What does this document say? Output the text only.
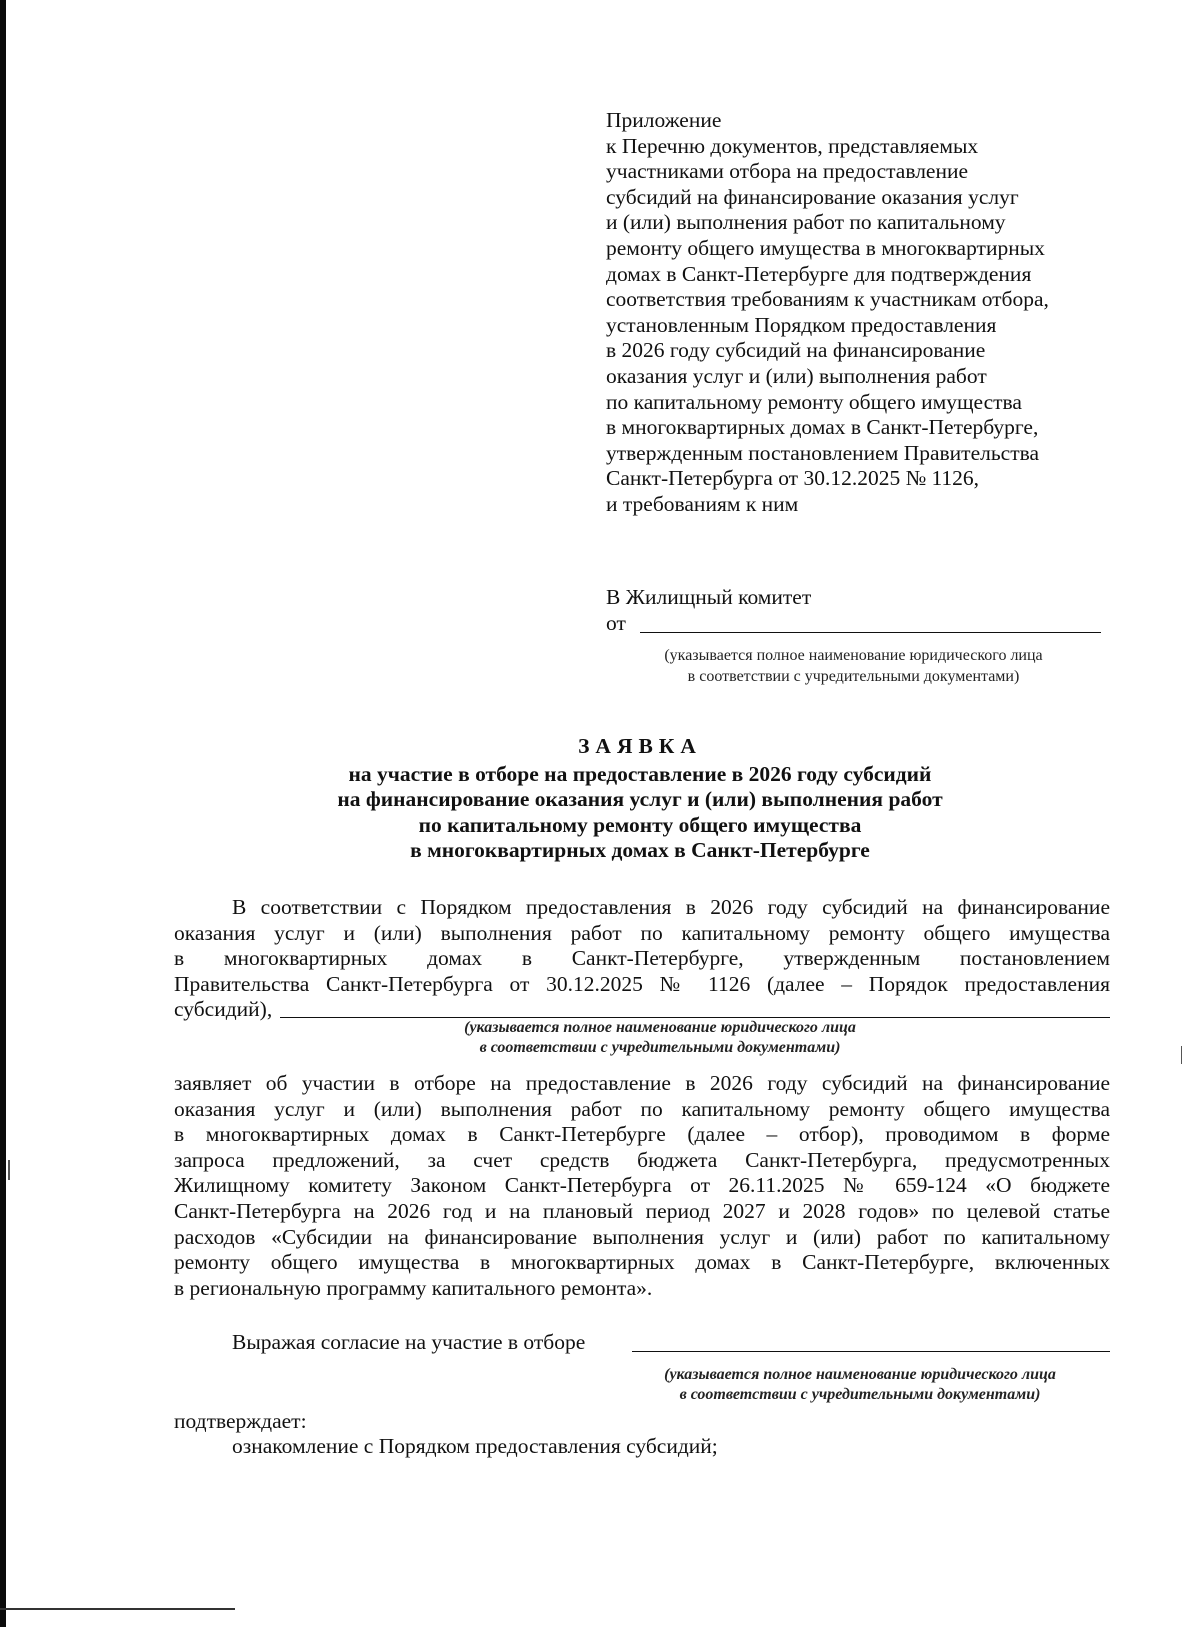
Приложение
к Перечню документов, представляемых
участниками отбора на предоставление
субсидий на финансирование оказания услуг
и (или) выполнения работ по капитальному
ремонту общего имущества в многоквартирных
домах в Санкт-Петербурге для подтверждения
соответствия требованиям к участникам отбора,
установленным Порядком предоставления
в 2026 году субсидий на финансирование
оказания услуг и (или) выполнения работ
по капитальному ремонту общего имущества
в многоквартирных домах в Санкт-Петербурге,
утвержденным постановлением Правительства
Санкт-Петербурга от 30.12.2025 № 1126,
и требованиям к ним
В Жилищный комитет
от
(указывается полное наименование юридического лица
в соответствии с учредительными документами)
ЗАЯВКА
на участие в отборе на предоставление в 2026 году субсидий
на финансирование оказания услуг и (или) выполнения работ
по капитальному ремонту общего имущества
в многоквартирных домах в Санкт-Петербурге
В соответствии с Порядком предоставления в 2026 году субсидий на финансирование
оказания услуг и (или) выполнения работ по капитальному ремонту общего имущества
в многоквартирных домах в Санкт-Петербурге, утвержденным постановлением
Правительства Санкт-Петербурга от 30.12.2025 № 1126 (далее – Порядок предоставления
субсидий),
(указывается полное наименование юридического лица
в соответствии с учредительными документами)
заявляет об участии в отборе на предоставление в 2026 году субсидий на финансирование
оказания услуг и (или) выполнения работ по капитальному ремонту общего имущества
в многоквартирных домах в Санкт-Петербурге (далее – отбор), проводимом в форме
запроса предложений, за счет средств бюджета Санкт-Петербурга, предусмотренных
Жилищному комитету Законом Санкт-Петербурга от 26.11.2025 № 659-124 «О бюджете
Санкт-Петербурга на 2026 год и на плановый период 2027 и 2028 годов» по целевой статье
расходов «Субсидии на финансирование выполнения услуг и (или) работ по капитальному
ремонту общего имущества в многоквартирных домах в Санкт-Петербурге, включенных
в региональную программу капитального ремонта».
Выражая согласие на участие в отборе
(указывается полное наименование юридического лица
в соответствии с учредительными документами)
подтверждает:
ознакомление с Порядком предоставления субсидий;
